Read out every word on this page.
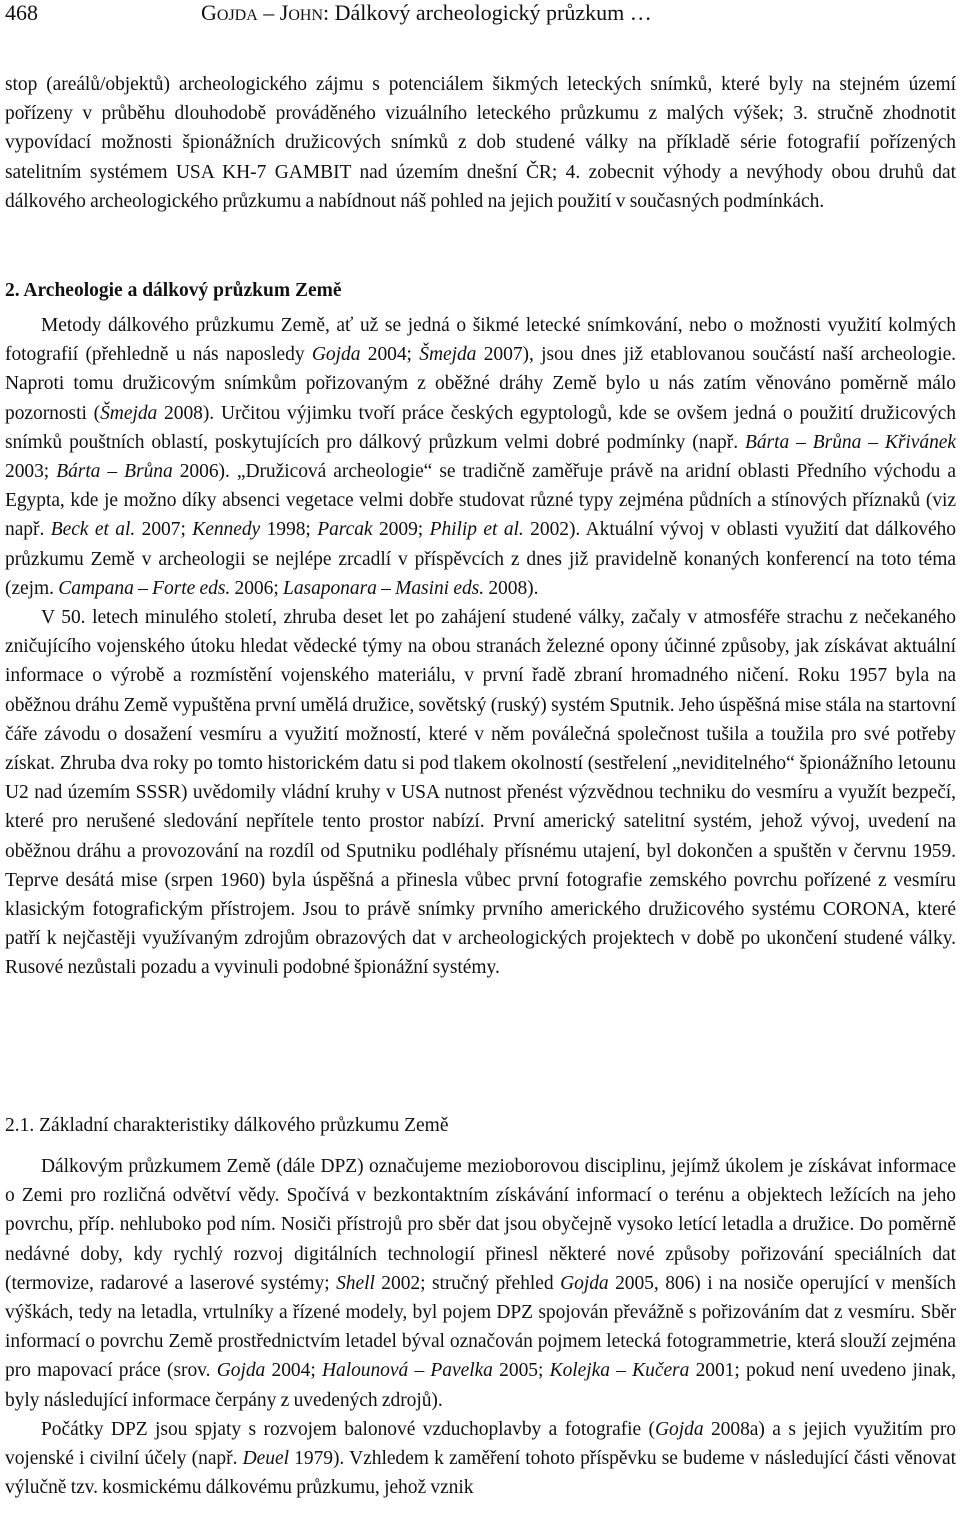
468	GOJDA – JOHN: Dálkový archeologický průzkum …

stop (areálů/objektů) archeologického zájmu s potenciálem šikmých leteckých snímků, které byly na stejném území pořízeny v průběhu dlouhodobě prováděného vizuálního leteckého průzkumu z malých výšek; 3. stručně zhodnotit vypovídací možnosti špionážních družicových snímků z dob studené války na příkladě série fotografií pořízených satelitním systémem USA KH-7 GAMBIT nad územím dnešní ČR; 4. zobecnit výhody a nevýhody obou druhů dat dálkového archeologického průzkumu a nabídnout náš pohled na jejich použití v současných podmínkách.

2. Archeologie a dálkový průzkum Země

Metody dálkového průzkumu Země, ať už se jedná o šikmé letecké snímkování, nebo o možnosti využití kolmých fotografií (přehledně u nás naposledy Gojda 2004; Šmejda 2007), jsou dnes již etablovanou součástí naší archeologie. Naproti tomu družicovým snímkům pořizovaným z oběžné dráhy Země bylo u nás zatím věnováno poměrně málo pozornosti (Šmejda 2008). Určitou výjimku tvoří práce českých egyptologů, kde se ovšem jedná o použití družicových snímků pouštních oblastí, poskytujících pro dálkový průzkum velmi dobré podmínky (např. Bárta – Brůna – Křivánek 2003; Bárta – Brůna 2006). „Družicová archeologie“ se tradičně zaměřuje právě na aridní oblasti Předního východu a Egypta, kde je možno díky absenci vegetace velmi dobře studovat různé typy zejména půdních a stínových příznaků (viz např. Beck et al. 2007; Kennedy 1998; Parcak 2009; Philip et al. 2002). Aktuální vývoj v oblasti využití dat dálkového průzkumu Země v archeologii se nejlépe zrcadlí v příspěvcích z dnes již pravidelně konaných konferencí na toto téma (zejm. Campana – Forte eds. 2006; Lasaponara – Masini eds. 2008).

V 50. letech minulého století, zhruba deset let po zahájení studené války, začaly v atmosféře strachu z nečekaného zničujícího vojenského útoku hledat vědecké týmy na obou stranách železné opony účinné způsoby, jak získávat aktuální informace o výrobě a rozmístění vojenského materiálu, v první řadě zbraní hromadného ničení. Roku 1957 byla na oběžnou dráhu Země vypuštěna první umělá družice, sovětský (ruský) systém Sputnik. Jeho úspěšná mise stála na startovní čáře závodu o dosažení vesmíru a využití možností, které v něm poválečná společnost tušila a toužila pro své potřeby získat. Zhruba dva roky po tomto historickém datu si pod tlakem okolností (sestřelení „neviditelného“ špionážního letounu U2 nad územím SSSR) uvědomily vládní kruhy v USA nutnost přenést výzvědnou techniku do vesmíru a využít bezpečí, které pro nerušené sledování nepřítele tento prostor nabízí. První americký satelitní systém, jehož vývoj, uvedení na oběžnou dráhu a provozování na rozdíl od Sputniku podléhaly přísnému utajení, byl dokončen a spuštěn v červnu 1959. Teprve desátá mise (srpen 1960) byla úspěšná a přinesla vůbec první fotografie zemského povrchu pořízené z vesmíru klasickým fotografickým přístrojem. Jsou to právě snímky prvního amerického družicového systému CORONA, které patří k nejčastěji využívaným zdrojům obrazových dat v archeologických projektech v době po ukončení studené války. Rusové nezůstali pozadu a vyvinuli podobné špionážní systémy.

2.1. Základní charakteristiky dálkového průzkumu Země

Dálkovým průzkumem Země (dále DPZ) označujeme mezioborovou disciplinu, jejímž úkolem je získávat informace o Zemi pro rozličná odvětví vědy. Spočívá v bezkontaktním získávání informací o terénu a objektech ležících na jeho povrchu, příp. nehluboko pod ním. Nosiči přístrojů pro sběr dat jsou obyčejně vysoko letící letadla a družice. Do poměrně nedávné doby, kdy rychlý rozvoj digitálních technologií přinesl některé nové způsoby pořizování speciálních dat (termovize, radarové a laserové systémy; Shell 2002; stručný přehled Gojda 2005, 806) i na nosiče operující v menších výškách, tedy na letadla, vrtulníky a řízené modely, byl pojem DPZ spojován převážně s pořizováním dat z vesmíru. Sběr informací o povrchu Země prostřednictvím letadel býval označován pojmem letecká fotogrammetrie, která slouží zejména pro mapovací práce (srov. Gojda 2004; Halounová – Pavelka 2005; Kolejka – Kučera 2001; pokud není uvedeno jinak, byly následující informace čerpány z uvedených zdrojů).

Počátky DPZ jsou spjaty s rozvojem balonové vzduchoplavby a fotografie (Gojda 2008a) a s jejich využitím pro vojenské i civilní účely (např. Deuel 1979). Vzhledem k zaměření tohoto příspěvku se budeme v následující části věnovat výlučně tzv. kosmickému dálkovému průzkumu, jehož vznik
